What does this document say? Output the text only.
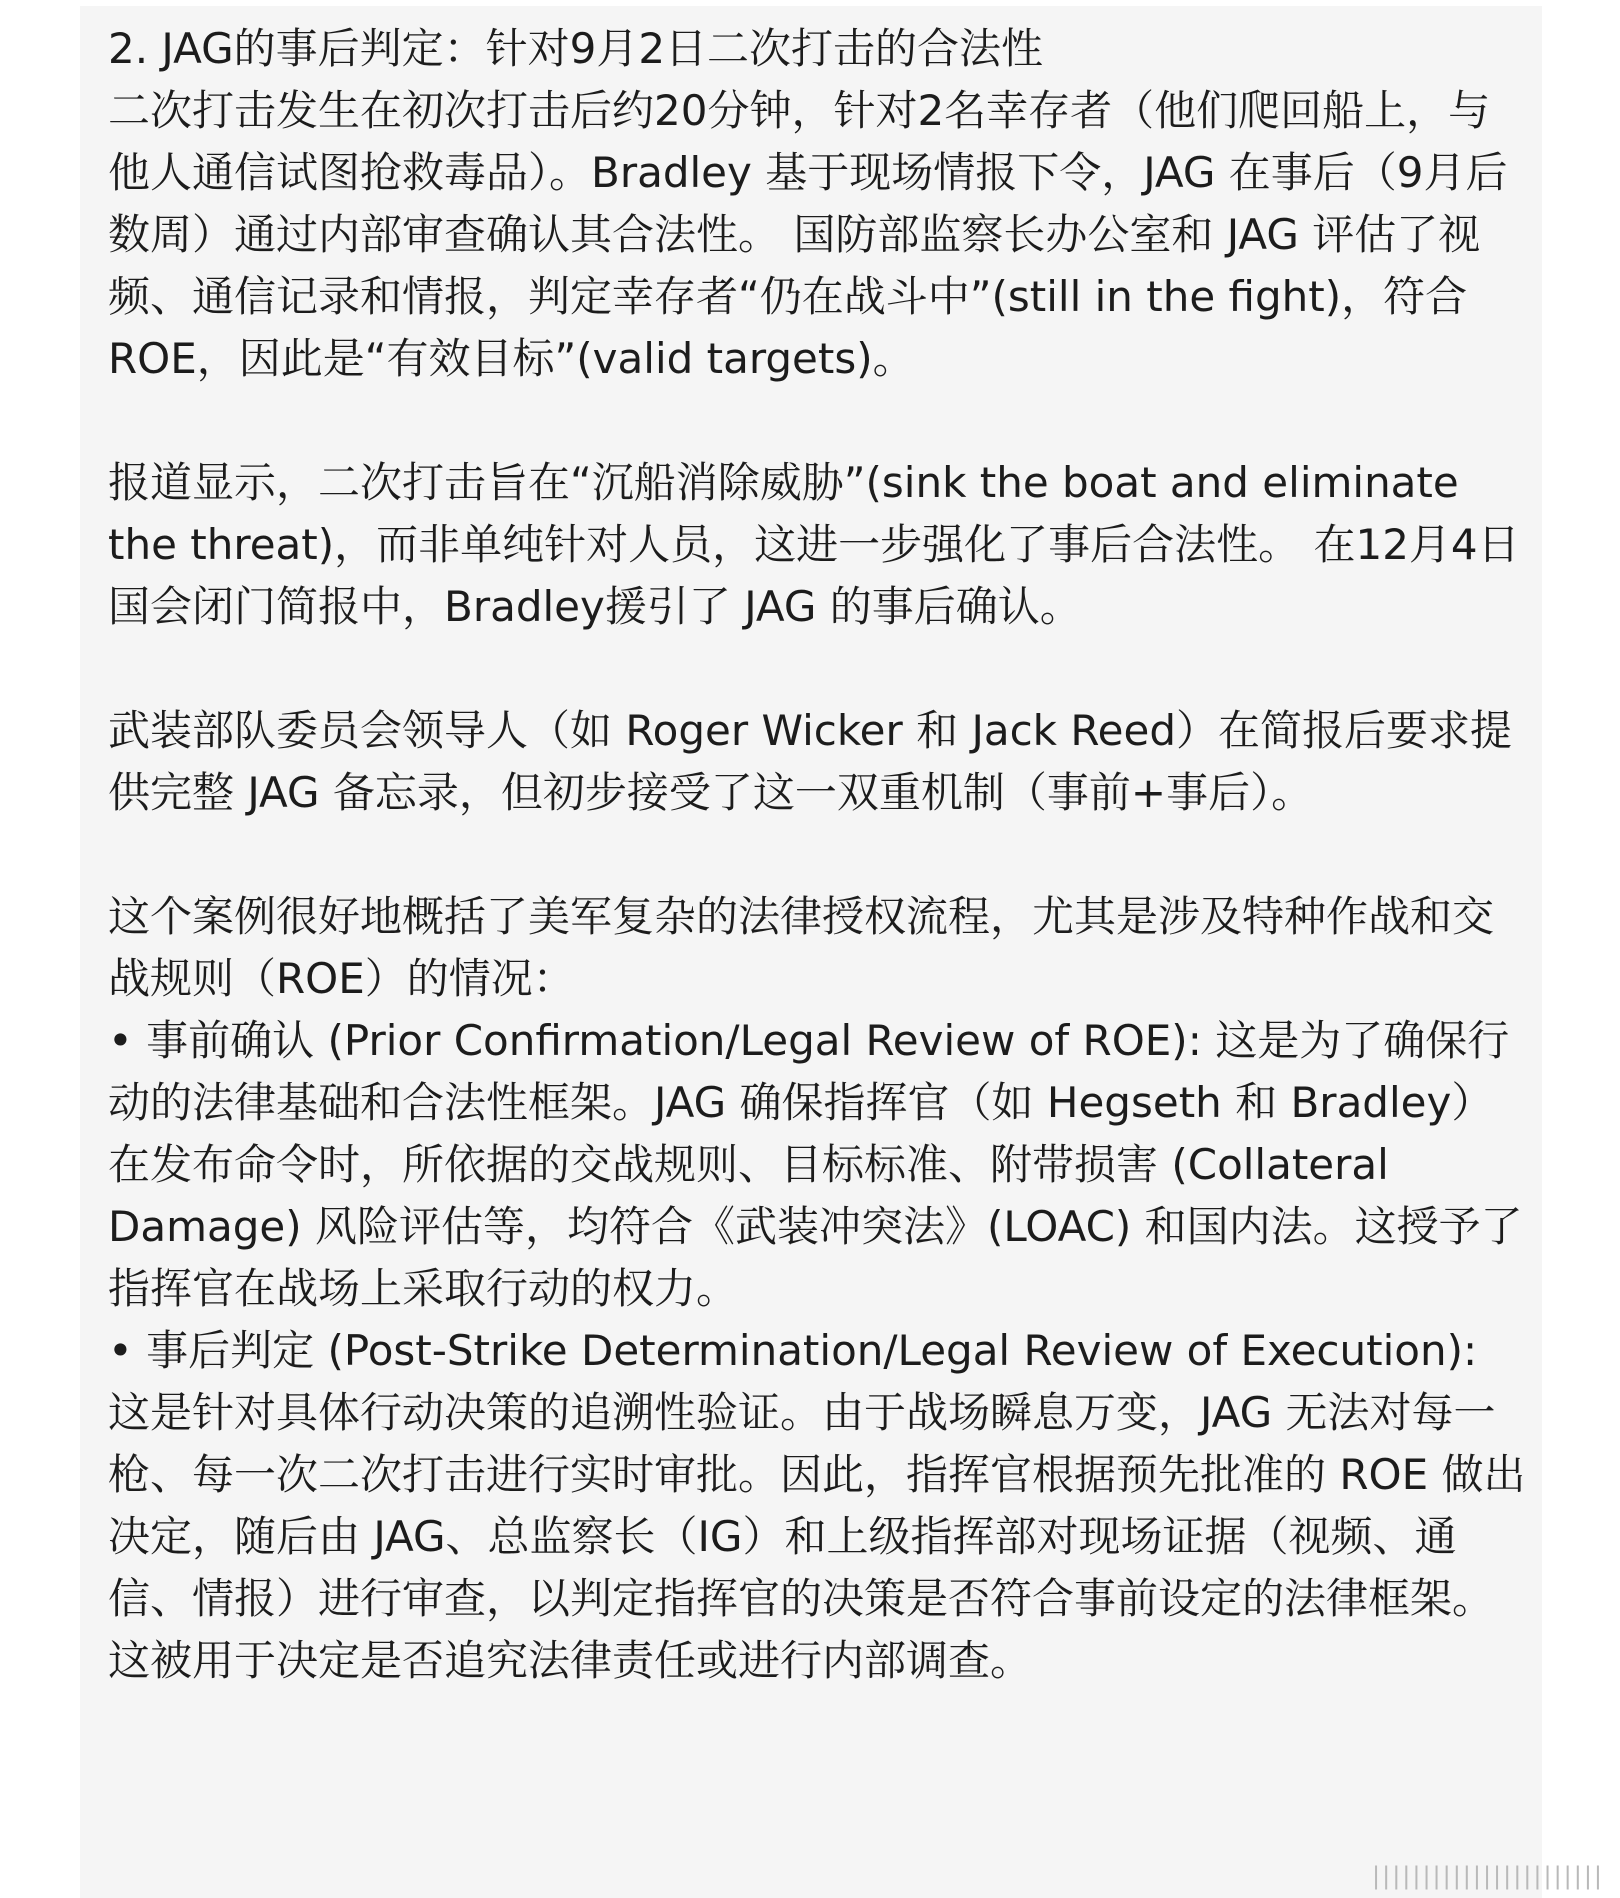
2. JAG的事后判定：针对9月2日二次打击的合法性

二次打击发生在初次打击后约20分钟，针对2名幸存者（他们爬回船上，与他人通信试图抢救毒品）。Bradley 基于现场情报下令，JAG 在事后（9月后数周）通过内部审查确认其合法性。 国防部监察长办公室和 JAG 评估了视频、通信记录和情报，判定幸存者“仍在战斗中”(still in the fight)，符合ROE，因此是“有效目标”(valid targets)。

报道显示，二次打击旨在“沉船消除威胁”(sink the boat and eliminate the threat)，而非单纯针对人员，这进一步强化了事后合法性。 在12月4日国会闭门简报中，Bradley援引了 JAG 的事后确认。

武装部队委员会领导人（如 Roger Wicker 和 Jack Reed）在简报后要求提供完整 JAG 备忘录，但初步接受了这一双重机制（事前+事后）。

这个案例很好地概括了美军复杂的法律授权流程，尤其是涉及特种作战和交战规则（ROE）的情况：

• 事前确认 (Prior Confirmation/Legal Review of ROE): 这是为了确保行动的法律基础和合法性框架。JAG 确保指挥官（如 Hegseth 和 Bradley）在发布命令时，所依据的交战规则、目标标准、附带损害 (Collateral Damage) 风险评估等，均符合《武装冲突法》(LOAC) 和国内法。这授予了指挥官在战场上采取行动的权力。

• 事后判定 (Post-Strike Determination/Legal Review of Execution): 这是针对具体行动决策的追溯性验证。由于战场瞬息万变，JAG 无法对每一枪、每一次二次打击进行实时审批。因此，指挥官根据预先批准的 ROE 做出决定，随后由 JAG、总监察长（IG）和上级指挥部对现场证据（视频、通信、情报）进行审查，以判定指挥官的决策是否符合事前设定的法律框架。这被用于决定是否追究法律责任或进行内部调查。

|||||||||||||||||||||||
